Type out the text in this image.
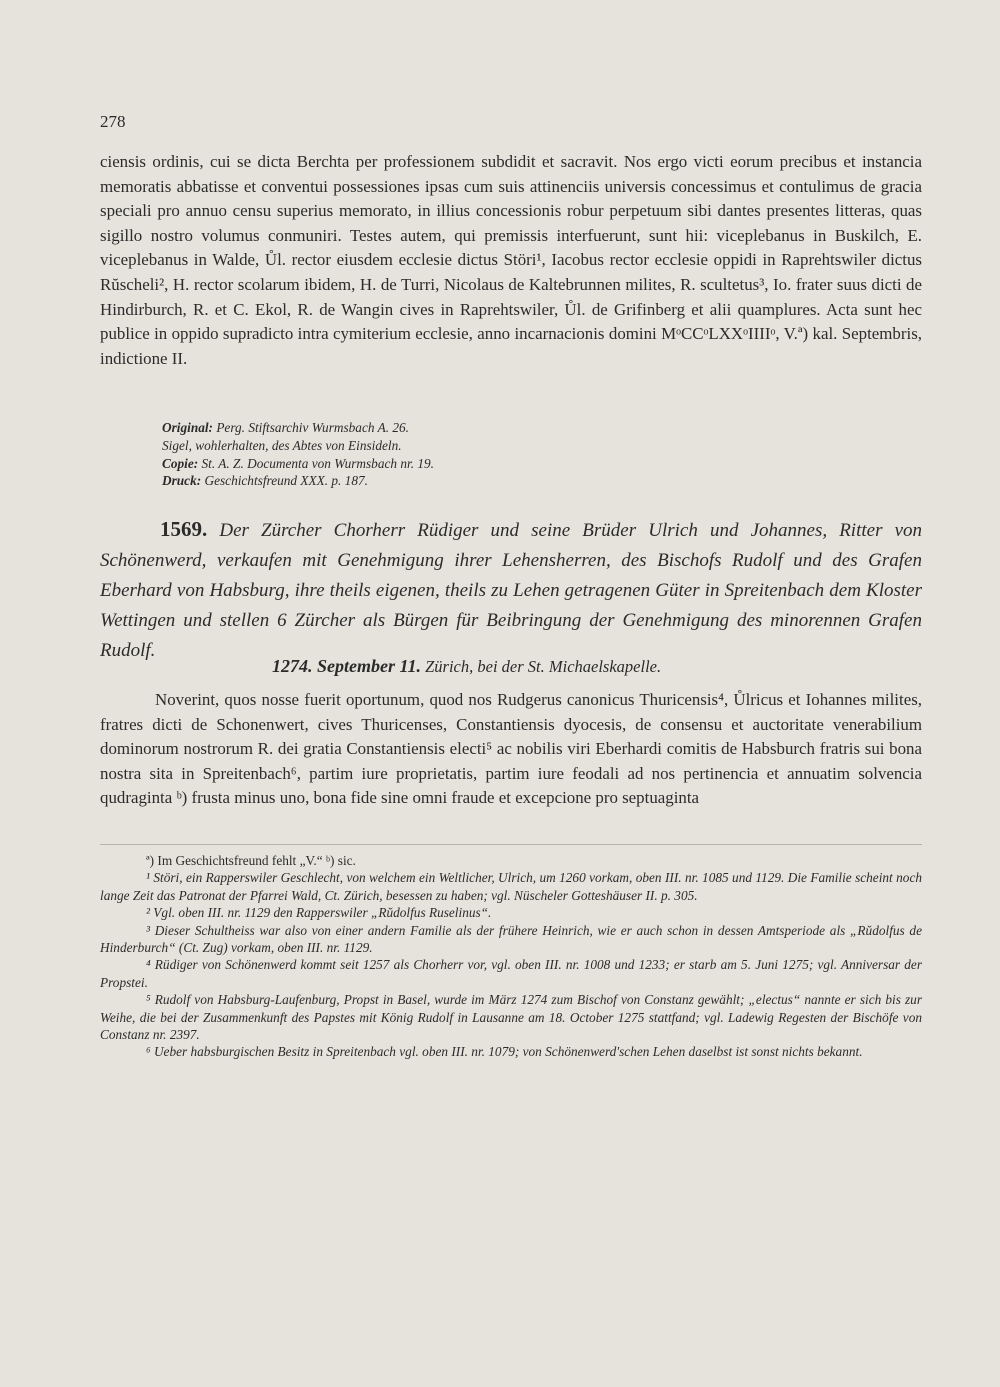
278

ciensis ordinis, cui se dicta Berchta per professionem subdidit et sacravit. Nos ergo victi eorum precibus et instancia memoratis abbatisse et conventui possessiones ipsas cum suis attinenciis universis concessimus et contulimus de gracia speciali pro annuo censu superius memorato, in illius concessionis robur perpetuum sibi dantes presentes litteras, quas sigillo nostro volumus conmuniri. Testes autem, qui premissis interfuerunt, sunt hii: viceplebanus in Buskilch, E. viceplebanus in Walde, Ůl. rector eiusdem ecclesie dictus Störi¹, Iacobus rector ecclesie oppidi in Raprehtswiler dictus Rŭscheli², H. rector scolarum ibidem, H. de Turri, Nicolaus de Kaltebrunnen milites, R. scultetus³, Io. frater suus dicti de Hindirburch, R. et C. Ekol, R. de Wangin cives in Raprehtswiler, Ůl. de Grifinberg et alii quamplures. Acta sunt hec publice in oppido supradicto intra cymiterium ecclesie, anno incarnacionis domini MᵒCCᵒLXXᵒIIIIᵒ, V.ª) kal. Septembris, indictione II.

Original: Perg. Stiftsarchiv Wurmsbach A. 26.
Sigel, wohlerhalten, des Abtes von Einsideln.
Copie: St. A. Z. Documenta von Wurmsbach nr. 19.
Druck: Geschichtsfreund XXX. p. 187.
1569. Der Zürcher Chorherr Rüdiger und seine Brüder Ulrich und Johannes, Ritter von Schönenwerd, verkaufen mit Genehmigung ihrer Lehensherren, des Bischofs Rudolf und des Grafen Eberhard von Habsburg, ihre theils eigenen, theils zu Lehen getragenen Güter in Spreitenbach dem Kloster Wettingen und stellen 6 Zürcher als Bürgen für Beibringung der Genehmigung des minorennen Grafen Rudolf.
1274. September 11. Zürich, bei der St. Michaelskapelle.
Noverint, quos nosse fuerit oportunum, quod nos Rudgerus canonicus Thuricensis⁴, Ůlricus et Iohannes milites, fratres dicti de Schonenwert, cives Thuricenses, Constantiensis dyocesis, de consensu et auctoritate venerabilium dominorum nostrorum R. dei gratia Constantiensis electi⁵ ac nobilis viri Eberhardi comitis de Habsburch fratris sui bona nostra sita in Spreitenbach⁶, partim iure proprietatis, partim iure feodali ad nos pertinencia et annuatim solvencia qudraginta ᵇ) frusta minus uno, bona fide sine omni fraude et excepcione pro septuaginta

ª) Im Geschichtsfreund fehlt „V.“ ᵇ) sic.

¹ Störi, ein Rapperswiler Geschlecht, von welchem ein Weltlicher, Ulrich, um 1260 vorkam, oben III. nr. 1085 und 1129. Die Familie scheint noch lange Zeit das Patronat der Pfarrei Wald, Ct. Zürich, besessen zu haben; vgl. Nüscheler Gotteshäuser II. p. 305.

² Vgl. oben III. nr. 1129 den Rapperswiler „Rŭdolfus Ruselinus“.

³ Dieser Schultheiss war also von einer andern Familie als der frühere Heinrich, wie er auch schon in dessen Amtsperiode als „Rŭdolfus de Hinderburch“ (Ct. Zug) vorkam, oben III. nr. 1129.

⁴ Rüdiger von Schönenwerd kommt seit 1257 als Chorherr vor, vgl. oben III. nr. 1008 und 1233; er starb am 5. Juni 1275; vgl. Anniversar der Propstei.

⁵ Rudolf von Habsburg-Laufenburg, Propst in Basel, wurde im März 1274 zum Bischof von Constanz gewählt; „electus“ nannte er sich bis zur Weihe, die bei der Zusammenkunft des Papstes mit König Rudolf in Lausanne am 18. October 1275 stattfand; vgl. Ladewig Regesten der Bischöfe von Constanz nr. 2397.

⁶ Ueber habsburgischen Besitz in Spreitenbach vgl. oben III. nr. 1079; von Schönenwerd'schen Lehen daselbst ist sonst nichts bekannt.
